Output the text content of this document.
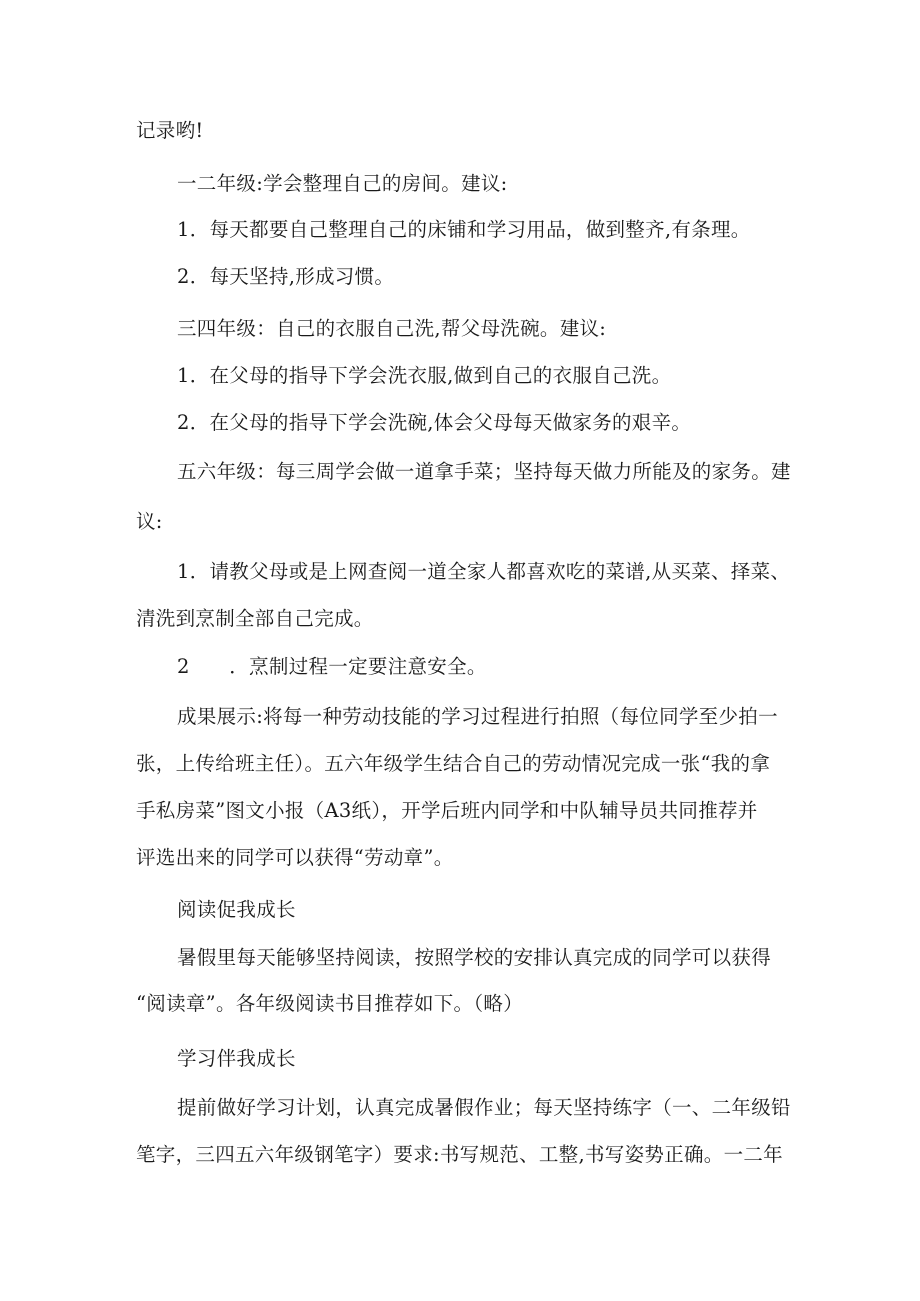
记录哟!
一二年级:学会整理自己的房间。建议:
1．每天都要自己整理自己的床铺和学习用品，做到整齐,有条理。
2．每天坚持,形成习惯。
三四年级：自己的衣服自己洗,帮父母洗碗。建议:
1．在父母的指导下学会洗衣服,做到自己的衣服自己洗。
2．在父母的指导下学会洗碗,体会父母每天做家务的艰辛。
五六年级：每三周学会做一道拿手菜；坚持每天做力所能及的家务。建
议:
1．请教父母或是上网查阅一道全家人都喜欢吃的菜谱,从买菜、择菜、
清洗到烹制全部自己完成。
2　　．烹制过程一定要注意安全。
成果展示:将每一种劳动技能的学习过程进行拍照（每位同学至少拍一
张，上传给班主任）。五六年级学生结合自己的劳动情况完成一张“我的拿
手私房菜”图文小报（A3纸），开学后班内同学和中队辅导员共同推荐并
评选出来的同学可以获得“劳动章”。
阅读促我成长
暑假里每天能够坚持阅读，按照学校的安排认真完成的同学可以获得
“阅读章”。各年级阅读书目推荐如下。（略）
学习伴我成长
提前做好学习计划，认真完成暑假作业；每天坚持练字（一、二年级铅
笔字，三四五六年级钢笔字）要求:书写规范、工整,书写姿势正确。一二年
